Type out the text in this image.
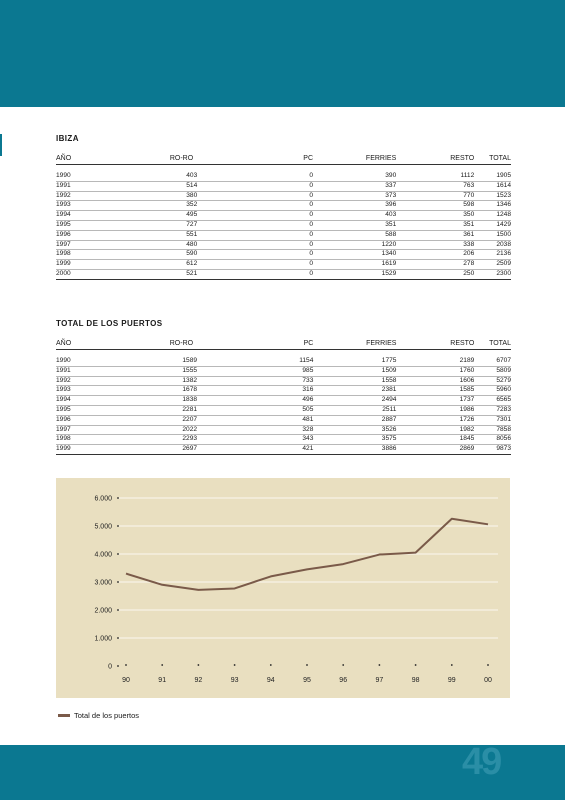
IBIZA
AÑO	RO-RO	PC	FERRIES	RESTO	TOTAL

1990	403	0	390	1112	1905
1991	514	0	337	763	1614
1992	380	0	373	770	1523
1993	352	0	396	598	1346
1994	495	0	403	350	1248
1995	727	0	351	351	1429
1996	551	0	588	361	1500
1997	480	0	1220	338	2038
1998	590	0	1340	206	2136
1999	612	0	1619	278	2509
2000	521	0	1529	250	2300
TOTAL DE LOS PUERTOS
AÑO	RO-RO	PC	FERRIES	RESTO	TOTAL

1990	1589	1154	1775	2189	6707
1991	1555	985	1509	1760	5809
1992	1382	733	1558	1606	5279
1993	1678	316	2381	1585	5960
1994	1838	496	2494	1737	6565
1995	2281	505	2511	1986	7283
1996	2207	481	2887	1726	7301
1997	2022	328	3526	1982	7858
1998	2293	343	3575	1845	8056
1999	2697	421	3886	2869	9873
0
1.000
2.000
3.000
4.000
5.000
6.000
90	91	92	93	94	95	96	97	98	99	00
Total de los puertos
49
